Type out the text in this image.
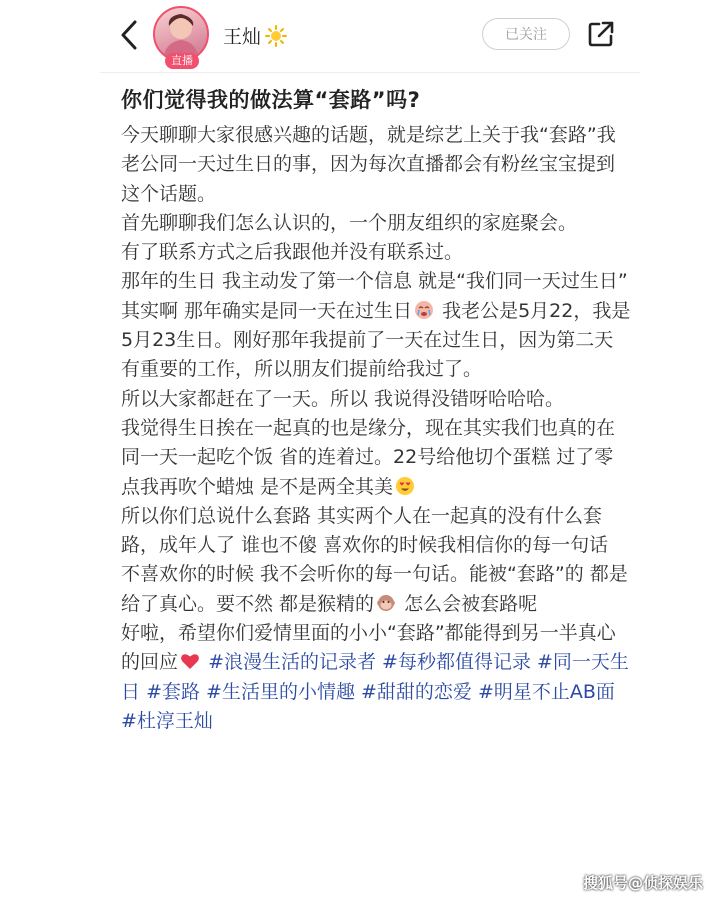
直播
王灿	已关注
你们觉得我的做法算“套路”吗?

今天聊聊大家很感兴趣的话题，就是综艺上关于我“套路”我老公同一天过生日的事，因为每次直播都会有粉丝宝宝提到这个话题。

首先聊聊我们怎么认识的，一个朋友组织的家庭聚会。

有了联系方式之后我跟他并没有联系过。

那年的生日 我主动发了第一个信息 就是“我们同一天过生日”

其实啊 那年确实是同一天在过生日 我老公是5月22，我是5月23生日。刚好那年我提前了一天在过生日，因为第二天有重要的工作，所以朋友们提前给我过了。

所以大家都赶在了一天。所以 我说得没错呀哈哈哈。

我觉得生日挨在一起真的也是缘分，现在其实我们也真的在同一天一起吃个饭 省的连着过。22号给他切个蛋糕 过了零点我再吹个蜡烛 是不是两全其美

所以你们总说什么套路 其实两个人在一起真的没有什么套路，成年人了 谁也不傻 喜欢你的时候我相信你的每一句话 不喜欢你的时候 我不会听你的每一句话。能被“套路”的 都是给了真心。要不然 都是猴精的 怎么会被套路呢

好啦，希望你们爱情里面的小小“套路”都能得到另一半真心的回应 #浪漫生活的记录者 #每秒都值得记录 #同一天生日 #套路 #生活里的小情趣 #甜甜的恋爱 #明星不止AB面 #杜淳王灿

搜狐号@侦探娱乐
